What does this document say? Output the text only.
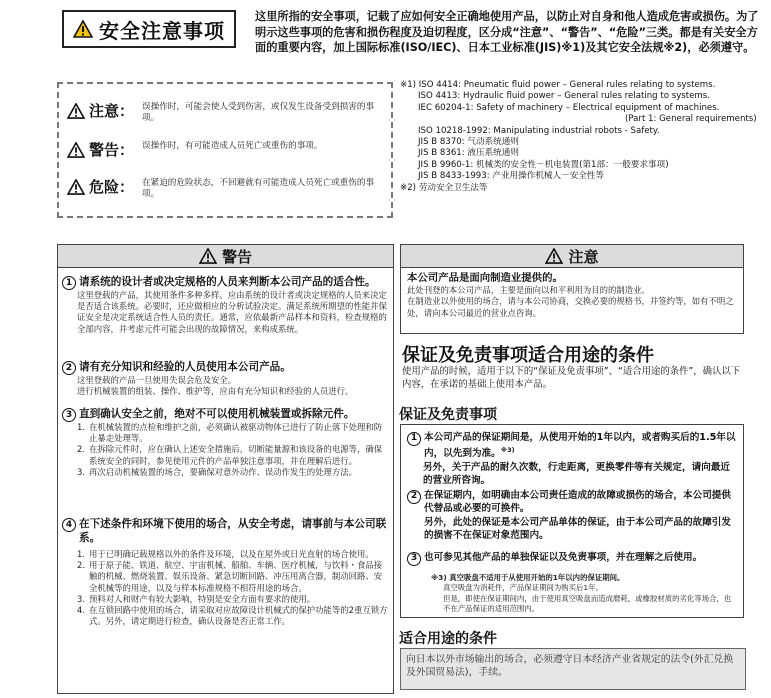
安全注意事项
这里所指的安全事项，记载了应如何安全正确地使用产品，以防止对自身和他人造成危害或损伤。为了明示这些事项的危害和损伤程度及迫切程度，区分成“注意”、“警告”、“危险”三类。都是有关安全方面的重要内容，加上国际标准(ISO/IEC)、日本工业标准(JIS)※1)及其它安全法规※2)，必须遵守。
注意： 误操作时，可能会使人受到伤害，或仅发生设备受到损害的事项。
警告： 误操作时，有可能造成人员死亡或重伤的事项。
危险： 在紧迫的危险状态，不回避就有可能造成人员死亡或重伤的事项。
※1) ISO 4414: Pneumatic fluid power – General rules relating to systems.
ISO 4413: Hydraulic fluid power – General rules relating to systems.
IEC 60204-1: Safety of machinery – Electrical equipment of machines.
(Part 1: General requirements)
ISO 10218-1992: Manipulating industrial robots - Safety.
JIS B 8370: 气动系统通则
JIS B 8361: 液压系统通则
JIS B 9960-1: 机械类的安全性－机电装置(第1部：一般要求事项)
JIS B 8433-1993: 产业用操作机械人－安全性等
※2) 劳动安全卫生法等
警告
1 请系统的设计者或决定规格的人员来判断本公司产品的适合性。
这里登载的产品，其使用条件多种多样。应由系统的设计者或决定规格的人员来决定是否适合该系统。必要时，还应做相应的分析试验决定。满足系统所期望的性能并保证安全是决定系统适合性人员的责任。通常，应依最新产品样本和资料，检查规格的全部内容，并考虑元件可能会出现的故障情况，来构成系统。
2 请有充分知识和经验的人员使用本公司产品。
这里登载的产品一旦使用失误会危及安全。
进行机械装置的组装、操作、维护等，应由有充分知识和经验的人员进行。
3 直到确认安全之前，绝对不可以使用机械装置或拆除元件。
1. 在机械装置的点检和维护之前，必须确认被驱动物体已进行了防止落下处理和防止暴走处理等。
2. 在拆除元件时，应在确认上述安全措施后，切断能量源和该设备的电源等，确保系统安全的同时，参见使用元件的产品单独注意事项，并在理解后进行。
3. 再次启动机械装置的场合，要确保对意外动作、误动作发生的处理方法。
4 在下述条件和环境下使用的场合，从安全考虑，请事前与本公司联系。
1. 用于已明确记载规格以外的条件及环境，以及在屋外或日光直射的场合使用。
2. 用于原子能、铁道、航空、宇宙机械、船舶、车辆、医疗机械，与饮料・食品接触的机械、燃烧装置、娱乐设备、紧急切断回路、冲压用离合器，制动回路、安全机械等的用途，以及与样本标准规格不相符用途的场合。
3. 预料对人和财产有较大影响，特别是安全方面有要求的使用。
4. 在互锁回路中使用的场合，请采取对应故障设计机械式的保护功能等的2重互锁方式。另外，请定期进行检查，确认设备是否正常工作。
注意
本公司产品是面向制造业提供的。
此处刊登的本公司产品，主要是面向以和平利用为目的的制造业。
在制造业以外使用的场合，请与本公司协商，交换必要的规格书，并签约等，如有不明之处，请向本公司最近的营业点咨询。
保证及免责事项适合用途的条件
使用产品的时候，适用于以下的“保证及免责事项”、“适合用途的条件”，确认以下内容，在承诺的基础上使用本产品。
保证及免责事项
1 本公司产品的保证期间是，从使用开始的1年以内，或者购买后的1.5年以内，以先到为准。$^{※3)}$
另外，关于产品的耐久次数，行走距离，更换零件等有关规定，请向最近的营业所咨询。
2 在保证期内，如明确由本公司责任造成的故障或损伤的场合，本公司提供代替品或必要的可换件。
另外，此处的保证是本公司产品单体的保证，由于本公司产品的故障引发的损害不在保证对象范围内。
3 也可参见其他产品的单独保证以及免责事项，并在理解之后使用。
※3) 真空吸盘不适用于从使用开始的1年以内的保证期间。
真空吸盘为消耗件，产品保证期间为购买后1年。
但是，即使在保证期间内，由于使用真空吸盘而造成磨耗，或橡胶材质的劣化等场合，也不在产品保证的适用范围内。
适合用途的条件
向日本以外市场输出的场合，必须遵守日本经济产业省规定的法令(外汇兑换及外国贸易法)，手续。
